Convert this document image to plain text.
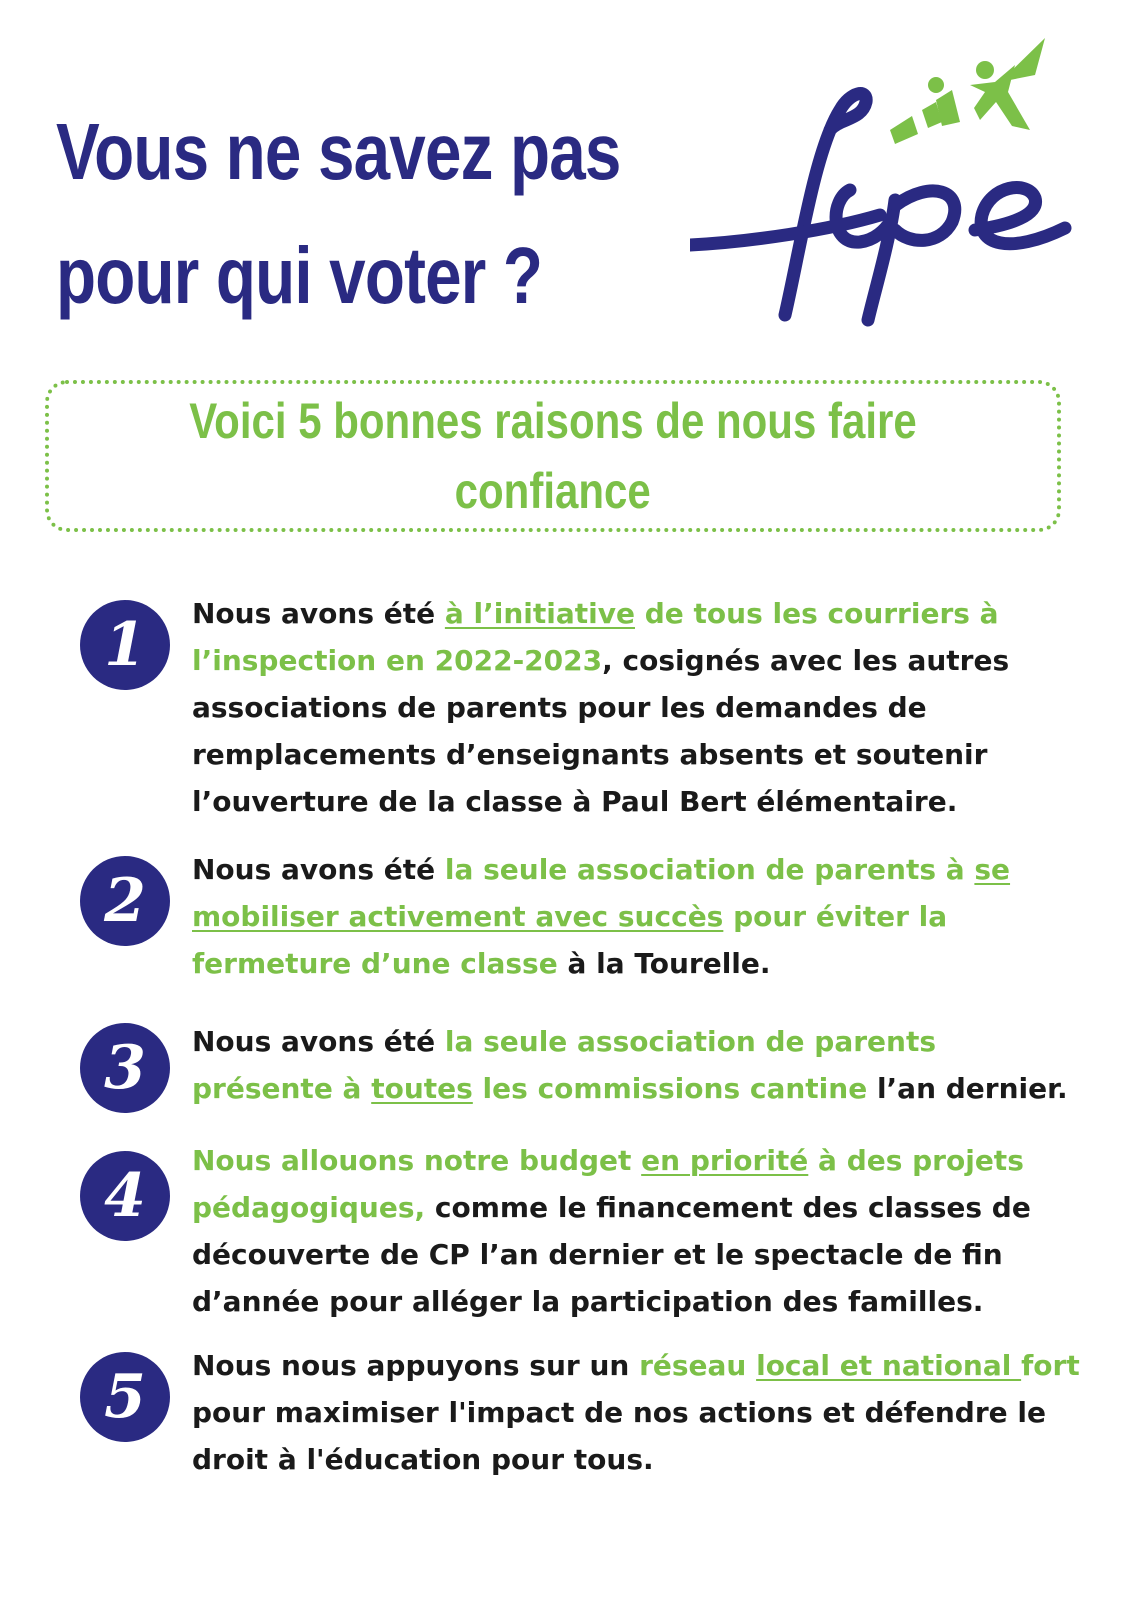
Vous ne savez pas
pour qui voter ?
fcpe
Voici 5 bonnes raisons de nous faire
confiance
1	Nous avons été à l’initiative de tous les courriers à

l’inspection en 2022-2023, cosignés avec les autres

associations de parents pour les demandes de

remplacements d’enseignants absents et soutenir

l’ouverture de la classe à Paul Bert élémentaire.

2	Nous avons été la seule association de parents à se

mobiliser activement avec succès pour éviter la

fermeture d’une classe à la Tourelle.

3	Nous avons été la seule association de parents

présente à toutes les commissions cantine l’an dernier.

4

Nous allouons notre budget en priorité à des projets

pédagogiques, comme le financement des classes de

découverte de CP l’an dernier et le spectacle de fin

d’année pour alléger la participation des familles.

5	Nous nous appuyons sur un réseau local et national fort

pour maximiser l'impact de nos actions et défendre le

droit à l'éducation pour tous.
